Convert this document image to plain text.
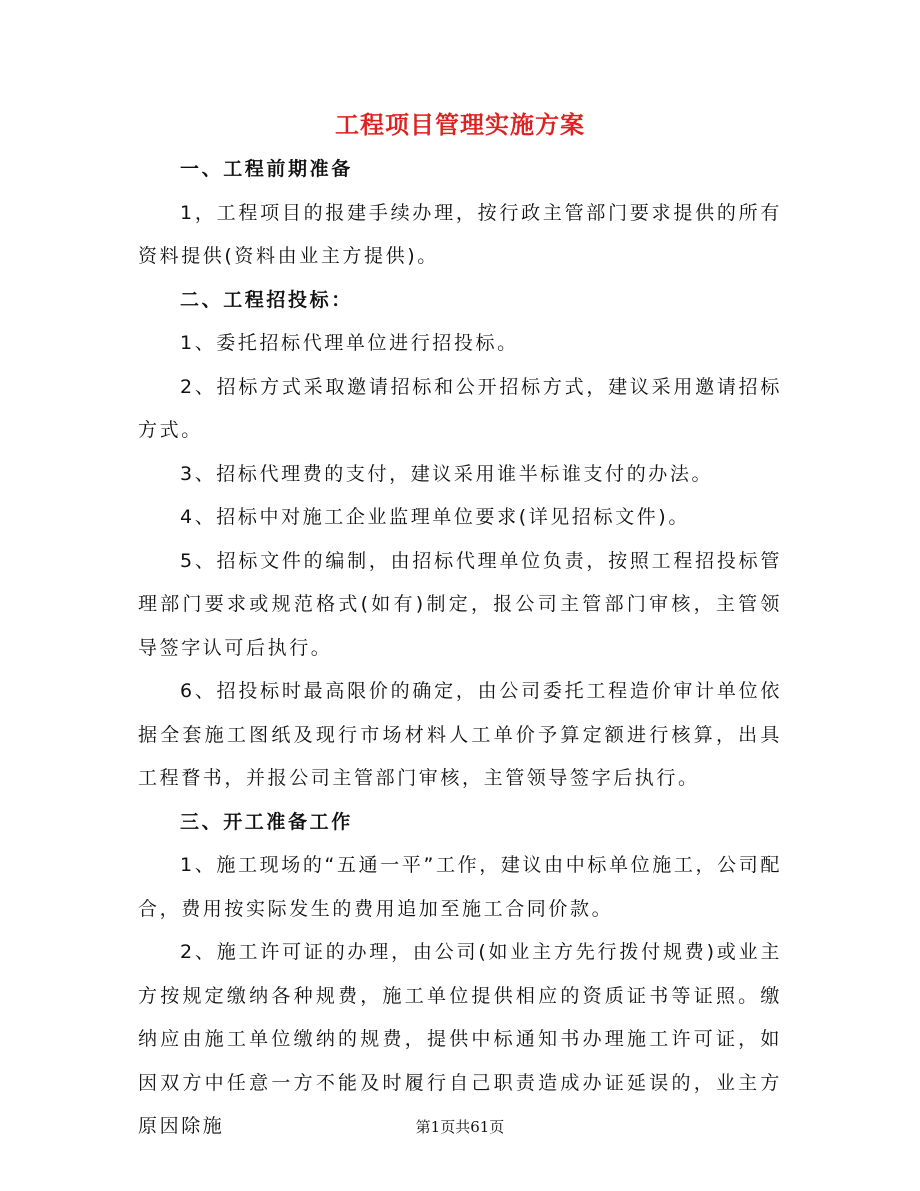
工程项目管理实施方案

一、工程前期准备

1，工程项目的报建手续办理，按行政主管部门要求提供的所有资料提供(资料由业主方提供)。

二、工程招投标：

1、委托招标代理单位进行招投标。

2、招标方式采取邀请招标和公开招标方式，建议采用邀请招标方式。

3、招标代理费的支付，建议采用谁半标谁支付的办法。

4、招标中对施工企业监理单位要求(详见招标文件)。

5、招标文件的编制，由招标代理单位负责，按照工程招投标管理部门要求或规范格式(如有)制定，报公司主管部门审核，主管领导签字认可后执行。

6、招投标时最高限价的确定，由公司委托工程造价审计单位依据全套施工图纸及现行市场材料人工单价予算定额进行核算，出具工程瞀书，并报公司主管部门审核，主管领导签字后执行。

三、开工准备工作

1、施工现场的“五通一平”工作，建议由中标单位施工，公司配合，费用按实际发生的费用追加至施工合同价款。

2、施工许可证的办理，由公司(如业主方先行拨付规费)或业主方按规定缴纳各种规费，施工单位提供相应的资质证书等证照。缴纳应由施工单位缴纳的规费，提供中标通知书办理施工许可证，如因双方中任意一方不能及时履行自己职责造成办证延误的，业主方原因除施	第1页共61页
